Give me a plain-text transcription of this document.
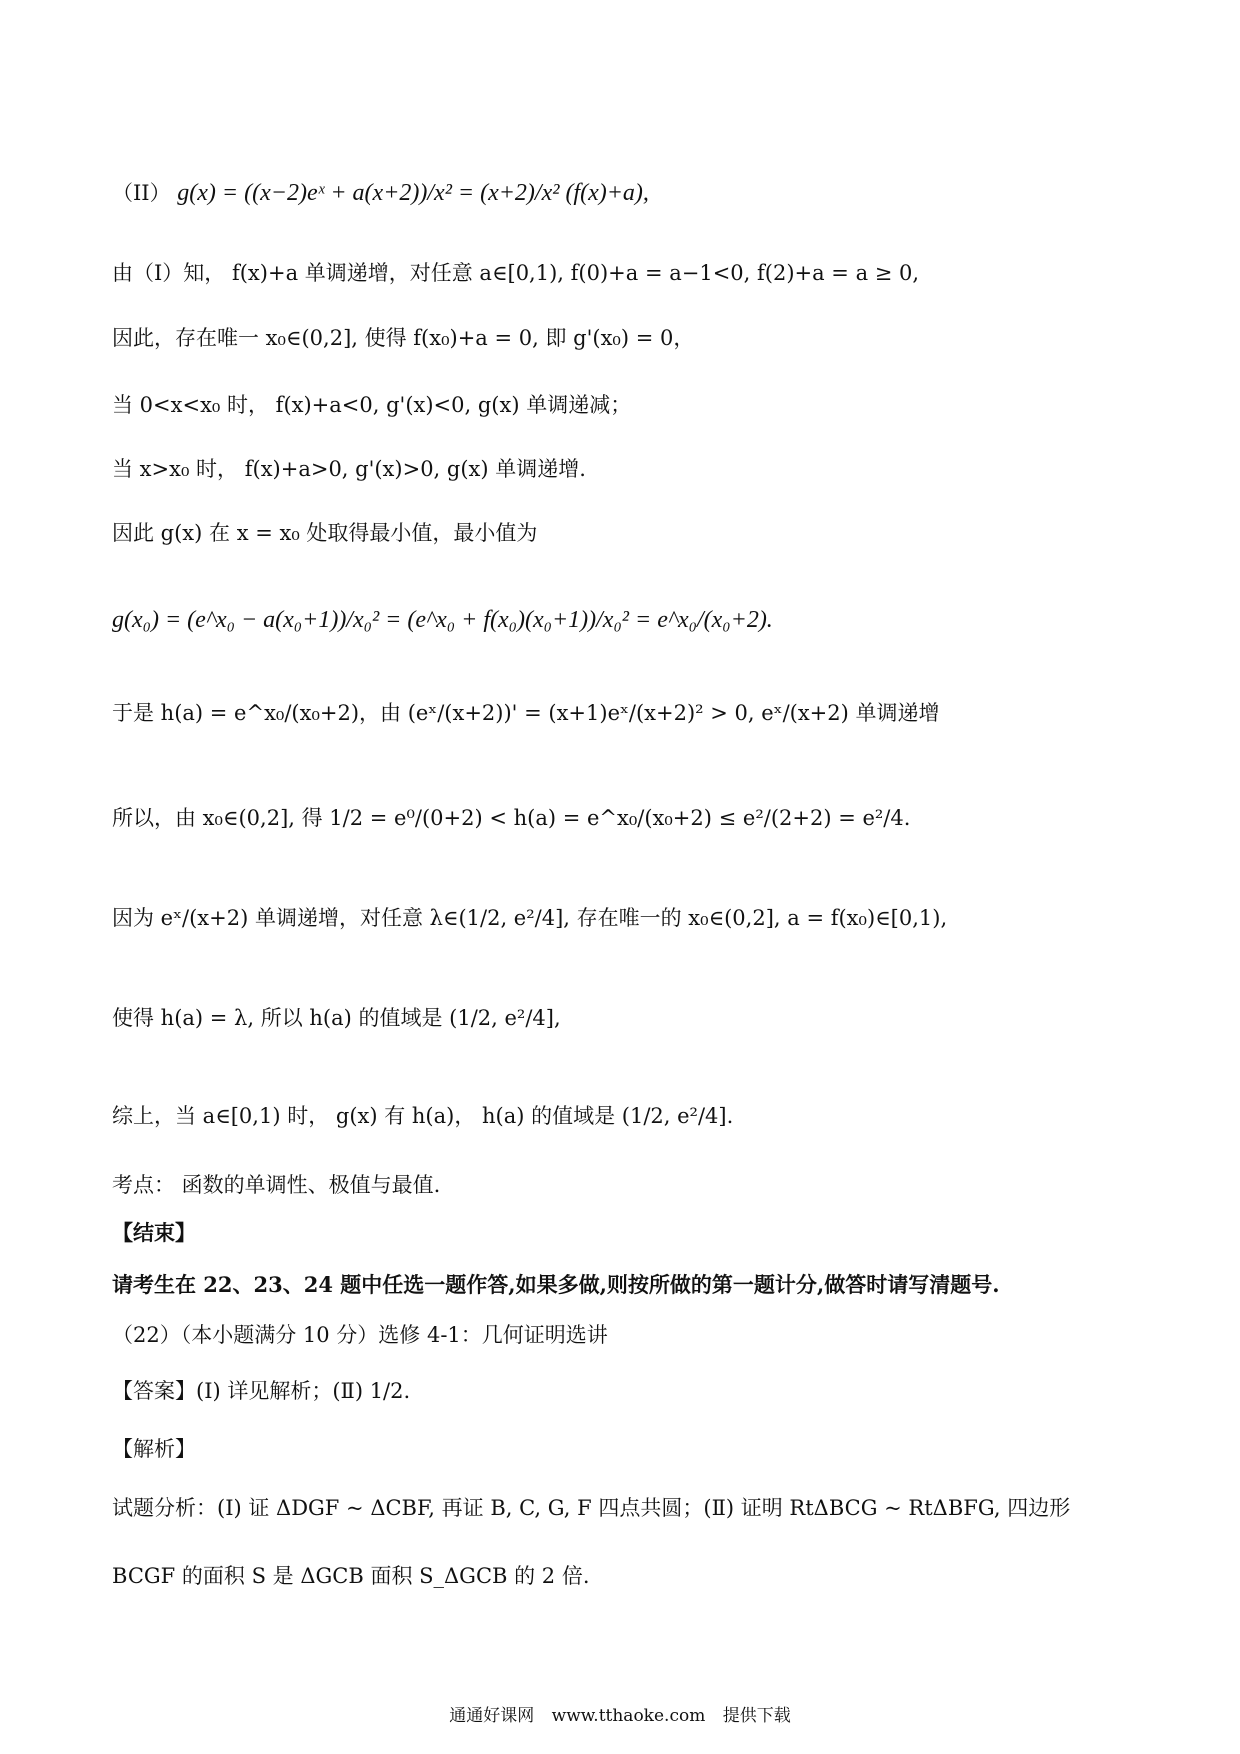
（II） g(x) = ((x−2)eˣ + a(x+2))/x² = (x+2)/x² (f(x)+a),
由（I）知， f(x)+a 单调递增，对任意 a∈[0,1), f(0)+a = a−1<0, f(2)+a = a ≥ 0,
因此，存在唯一 x₀∈(0,2], 使得 f(x₀)+a = 0, 即 g'(x₀) = 0，
当 0<x<x₀ 时， f(x)+a<0, g'(x)<0, g(x) 单调递减；
当 x>x₀ 时， f(x)+a>0, g'(x)>0, g(x) 单调递增.
因此 g(x) 在 x = x₀ 处取得最小值，最小值为
g(x₀) = (e^x₀ − a(x₀+1))/x₀² = (e^x₀ + f(x₀)(x₀+1))/x₀² = e^x₀/(x₀+2).
于是 h(a) = e^x₀/(x₀+2)，由 (eˣ/(x+2))' = (x+1)eˣ/(x+2)² > 0, eˣ/(x+2) 单调递增
所以，由 x₀∈(0,2], 得 1/2 = e⁰/(0+2) < h(a) = e^x₀/(x₀+2) ≤ e²/(2+2) = e²/4.
因为 eˣ/(x+2) 单调递增，对任意 λ∈(1/2, e²/4], 存在唯一的 x₀∈(0,2], a = f(x₀)∈[0,1),
使得 h(a) = λ, 所以 h(a) 的值域是 (1/2, e²/4],
综上，当 a∈[0,1) 时， g(x) 有 h(a)， h(a) 的值域是 (1/2, e²/4].
考点： 函数的单调性、极值与最值.
【结束】
请考生在 22、23、24 题中任选一题作答,如果多做,则按所做的第一题计分,做答时请写清题号.
（22）（本小题满分 10 分）选修 4-1：几何证明选讲
【答案】(Ⅰ) 详见解析；(Ⅱ) 1/2.
【解析】
试题分析：(Ⅰ) 证 ΔDGF ~ ΔCBF, 再证 B, C, G, F 四点共圆；(Ⅱ) 证明 RtΔBCG ~ RtΔBFG, 四边形
BCGF 的面积 S 是 ΔGCB 面积 S_ΔGCB 的 2 倍.
通通好课网 www.tthaoke.com 提供下载
